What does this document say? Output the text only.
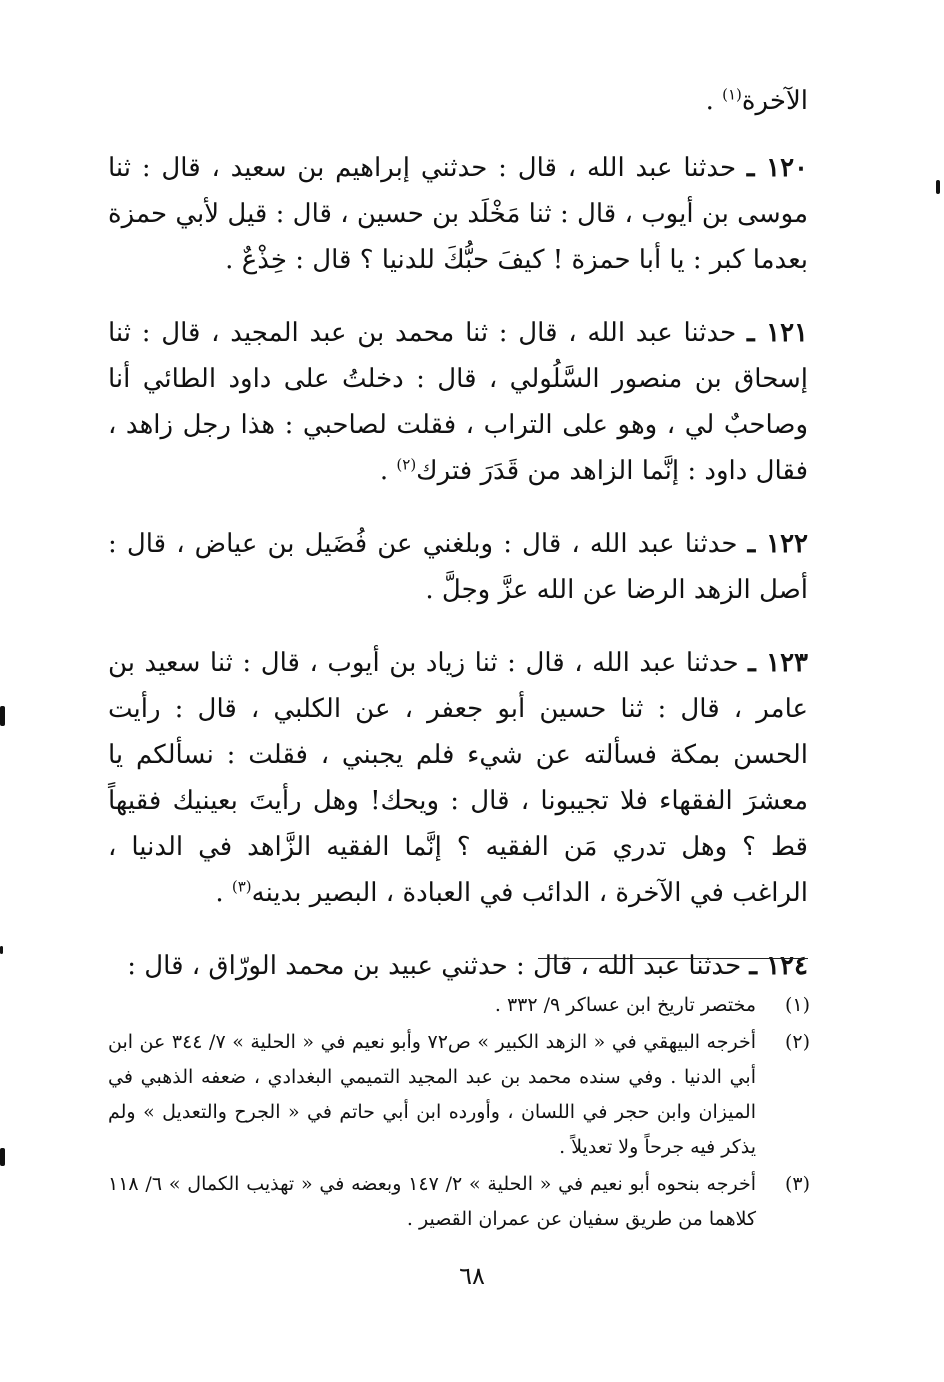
الآخرة$^{(١)}$ .

١٢٠ ـ حدثنا عبد الله ، قال : حدثني إبراهيم بن سعيد ، قال : ثنا موسى بن أيوب ، قال : ثنا مَخْلَد بن حسين ، قال : قيل لأبي حمزة بعدما كبر : يا أبا حمزة ! كيفَ حبُّكَ للدنيا ؟ قال : خِذْعٌ .

١٢١ ـ حدثنا عبد الله ، قال : ثنا محمد بن عبد المجيد ، قال : ثنا إسحاق بن منصور السَّلُولي ، قال : دخلتُ على داود الطائي أنا وصاحبٌ لي ، وهو على التراب ، فقلت لصاحبي : هذا رجل زاهد ، فقال داود : إنَّما الزاهد من قَدَرَ فترك$^{(٢)}$ .

١٢٢ ـ حدثنا عبد الله ، قال : وبلغني عن فُضَيل بن عياض ، قال : أصل الزهد الرضا عن الله عزَّ وجلَّ .

١٢٣ ـ حدثنا عبد الله ، قال : ثنا زياد بن أيوب ، قال : ثنا سعيد بن عامر ، قال : ثنا حسين أبو جعفر ، عن الكلبي ، قال : رأيت الحسن بمكة فسألته عن شيء فلم يجبني ، فقلت : نسألكم يا معشرَ الفقهاء فلا تجيبونا ، قال : ويحك! وهل رأيتَ بعينيك فقيهاً قط ؟ وهل تدري مَن الفقيه ؟ إنَّما الفقيه الزَّاهد في الدنيا ، الراغب في الآخرة ، الدائب في العبادة ، البصير بدينه$^{(٣)}$ .

١٢٤ ـ حدثنا عبد الله ، قال : حدثني عبيد بن محمد الورّاق ، قال :

(١)
مختصر تاريخ ابن عساكر ٩/ ٣٣٢ .
(٢)
أخرجه البيهقي في « الزهد الكبير » ص٧٢ وأبو نعيم في « الحلية » ٧/ ٣٤٤ عن ابن أبي الدنيا . وفي سنده محمد بن عبد المجيد التميمي البغدادي ، ضعفه الذهبي في الميزان وابن حجر في اللسان ، وأورده ابن أبي حاتم في « الجرح والتعديل » ولم يذكر فيه جرحاً ولا تعديلاً .
(٣)
أخرجه بنحوه أبو نعيم في « الحلية » ٢/ ١٤٧ وبعضه في « تهذيب الكمال » ٦/ ١١٨ كلاهما من طريق سفيان عن عمران القصير .
٦٨
